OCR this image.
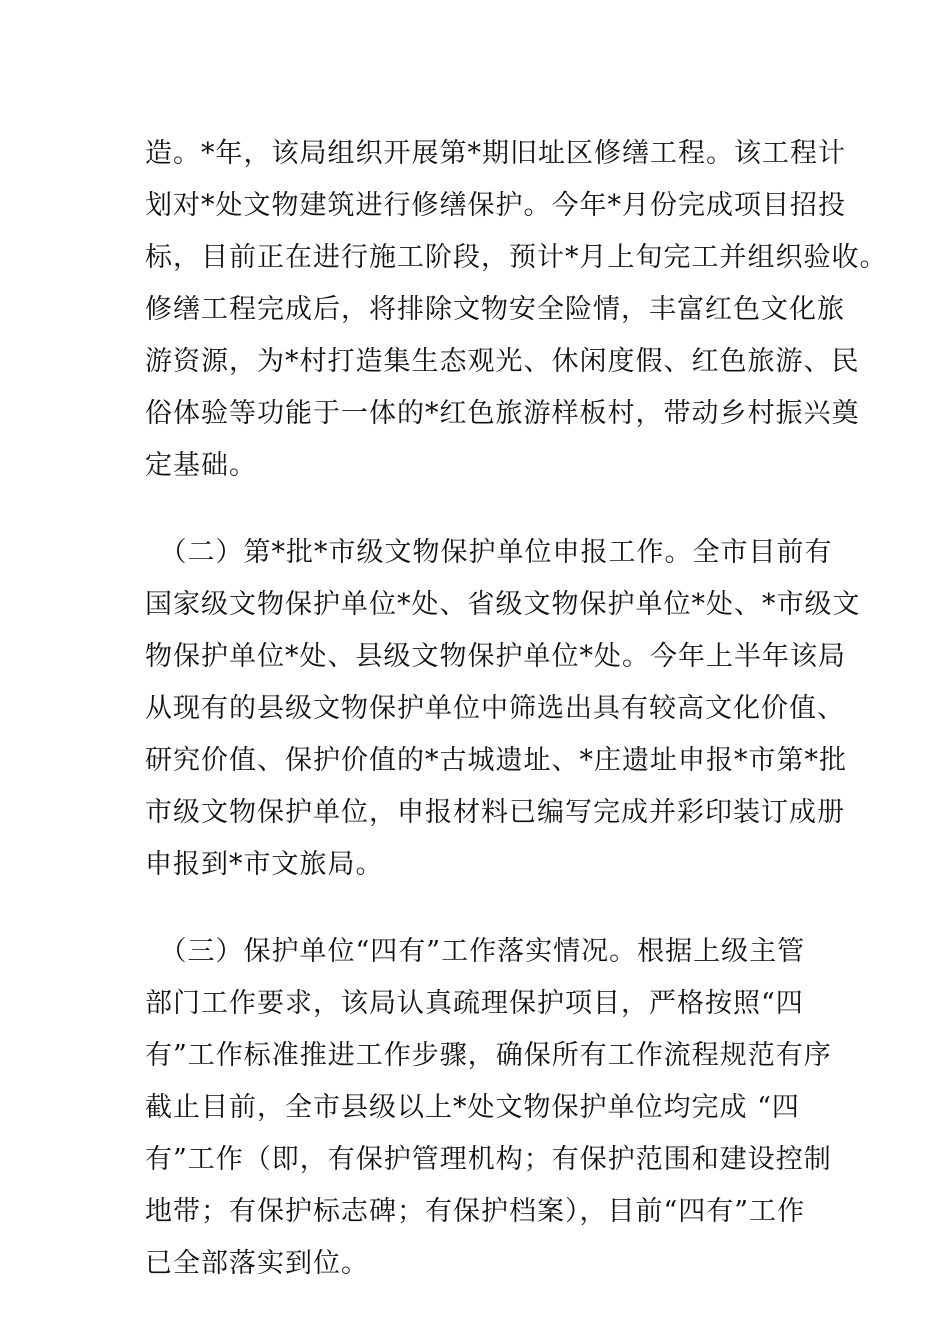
造。*年，该局组织开展第*期旧址区修缮工程。该工程计
划对*处文物建筑进行修缮保护。今年*月份完成项目招投
标，目前正在进行施工阶段，预计*月上旬完工并组织验收。
修缮工程完成后，将排除文物安全险情，丰富红色文化旅
游资源，为*村打造集生态观光、休闲度假、红色旅游、民
俗体验等功能于一体的*红色旅游样板村，带动乡村振兴奠
定基础。
　（二）第*批*市级文物保护单位申报工作。全市目前有
国家级文物保护单位*处、省级文物保护单位*处、*市级文
物保护单位*处、县级文物保护单位*处。今年上半年该局
从现有的县级文物保护单位中筛选出具有较高文化价值、
研究价值、保护价值的*古城遗址、*庄遗址申报*市第*批
市级文物保护单位，申报材料已编写完成并彩印装订成册
申报到*市文旅局。
　（三）保护单位“四有”工作落实情况。根据上级主管
部门工作要求，该局认真疏理保护项目，严格按照“四
有”工作标准推进工作步骤，确保所有工作流程规范有序
截止目前，全市县级以上*处文物保护单位均完成 “四
有”工作（即，有保护管理机构；有保护范围和建设控制
地带；有保护标志碑；有保护档案），目前“四有”工作
已全部落实到位。
